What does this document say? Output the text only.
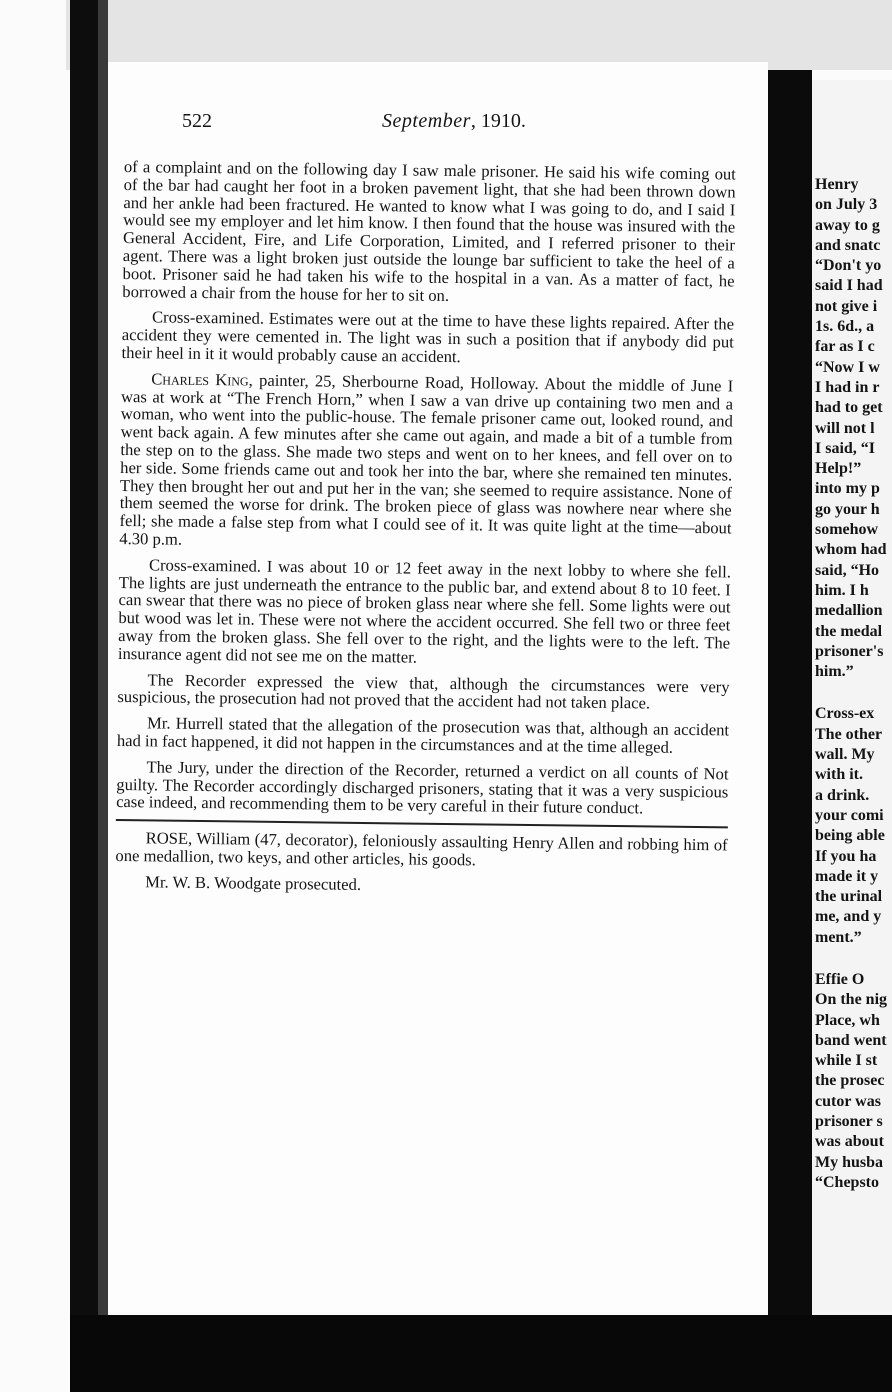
522	September, 1910.

of a complaint and on the following day I saw male prisoner. He said his wife coming out of the bar had caught her foot in a broken pavement light, that she had been thrown down and her ankle had been fractured. He wanted to know what I was going to do, and I said I would see my employer and let him know. I then found that the house was insured with the General Accident, Fire, and Life Corporation, Limited, and I referred prisoner to their agent. There was a light broken just outside the lounge bar sufficient to take the heel of a boot. Prisoner said he had taken his wife to the hospital in a van. As a matter of fact, he borrowed a chair from the house for her to sit on.

Cross-examined. Estimates were out at the time to have these lights repaired. After the accident they were cemented in. The light was in such a position that if anybody did put their heel in it it would probably cause an accident.

Charles King, painter, 25, Sherbourne Road, Holloway. About the middle of June I was at work at “The French Horn,” when I saw a van drive up containing two men and a woman, who went into the public-house. The female prisoner came out, looked round, and went back again. A few minutes after she came out again, and made a bit of a tumble from the step on to the glass. She made two steps and went on to her knees, and fell over on to her side. Some friends came out and took her into the bar, where she remained ten minutes. They then brought her out and put her in the van; she seemed to require assistance. None of them seemed the worse for drink. The broken piece of glass was nowhere near where she fell; she made a false step from what I could see of it. It was quite light at the time—about 4.30 p.m.

Cross-examined. I was about 10 or 12 feet away in the next lobby to where she fell. The lights are just underneath the entrance to the public bar, and extend about 8 to 10 feet. I can swear that there was no piece of broken glass near where she fell. Some lights were out but wood was let in. These were not where the accident occurred. She fell two or three feet away from the broken glass. She fell over to the right, and the lights were to the left. The insurance agent did not see me on the matter.

The Recorder expressed the view that, although the circumstances were very suspicious, the prosecution had not proved that the accident had not taken place.

Mr. Hurrell stated that the allegation of the prosecution was that, although an accident had in fact happened, it did not happen in the circumstances and at the time alleged.

The Jury, under the direction of the Recorder, returned a verdict on all counts of Not guilty. The Recorder accordingly discharged prisoners, stating that it was a very suspicious case indeed, and recommending them to be very careful in their future conduct.

ROSE, William (47, decorator), feloniously assaulting Henry Allen and robbing him of one medallion, two keys, and other articles, his goods.

Mr. W. B. Woodgate prosecuted.

Henry
on July 3
away to g
and snatc
“Don't yo
said I had
not give i
1s. 6d., a
far as I c
“Now I w
I had in r
had to get
will not l
I said, “I
Help!”
into my p
go your h
somehow
whom had
said, “Ho
him. I h
medallion
the medal
prisoner's
him.”
Cross-ex
The other
wall. My
with it.
a drink.
your comi
being able
If you ha
made it y
the urinal
me, and y
ment.”
Effie O
On the nig
Place, wh
band went
while I st
the prosec
cutor was
prisoner s
was about
My husba
“Chepsto
